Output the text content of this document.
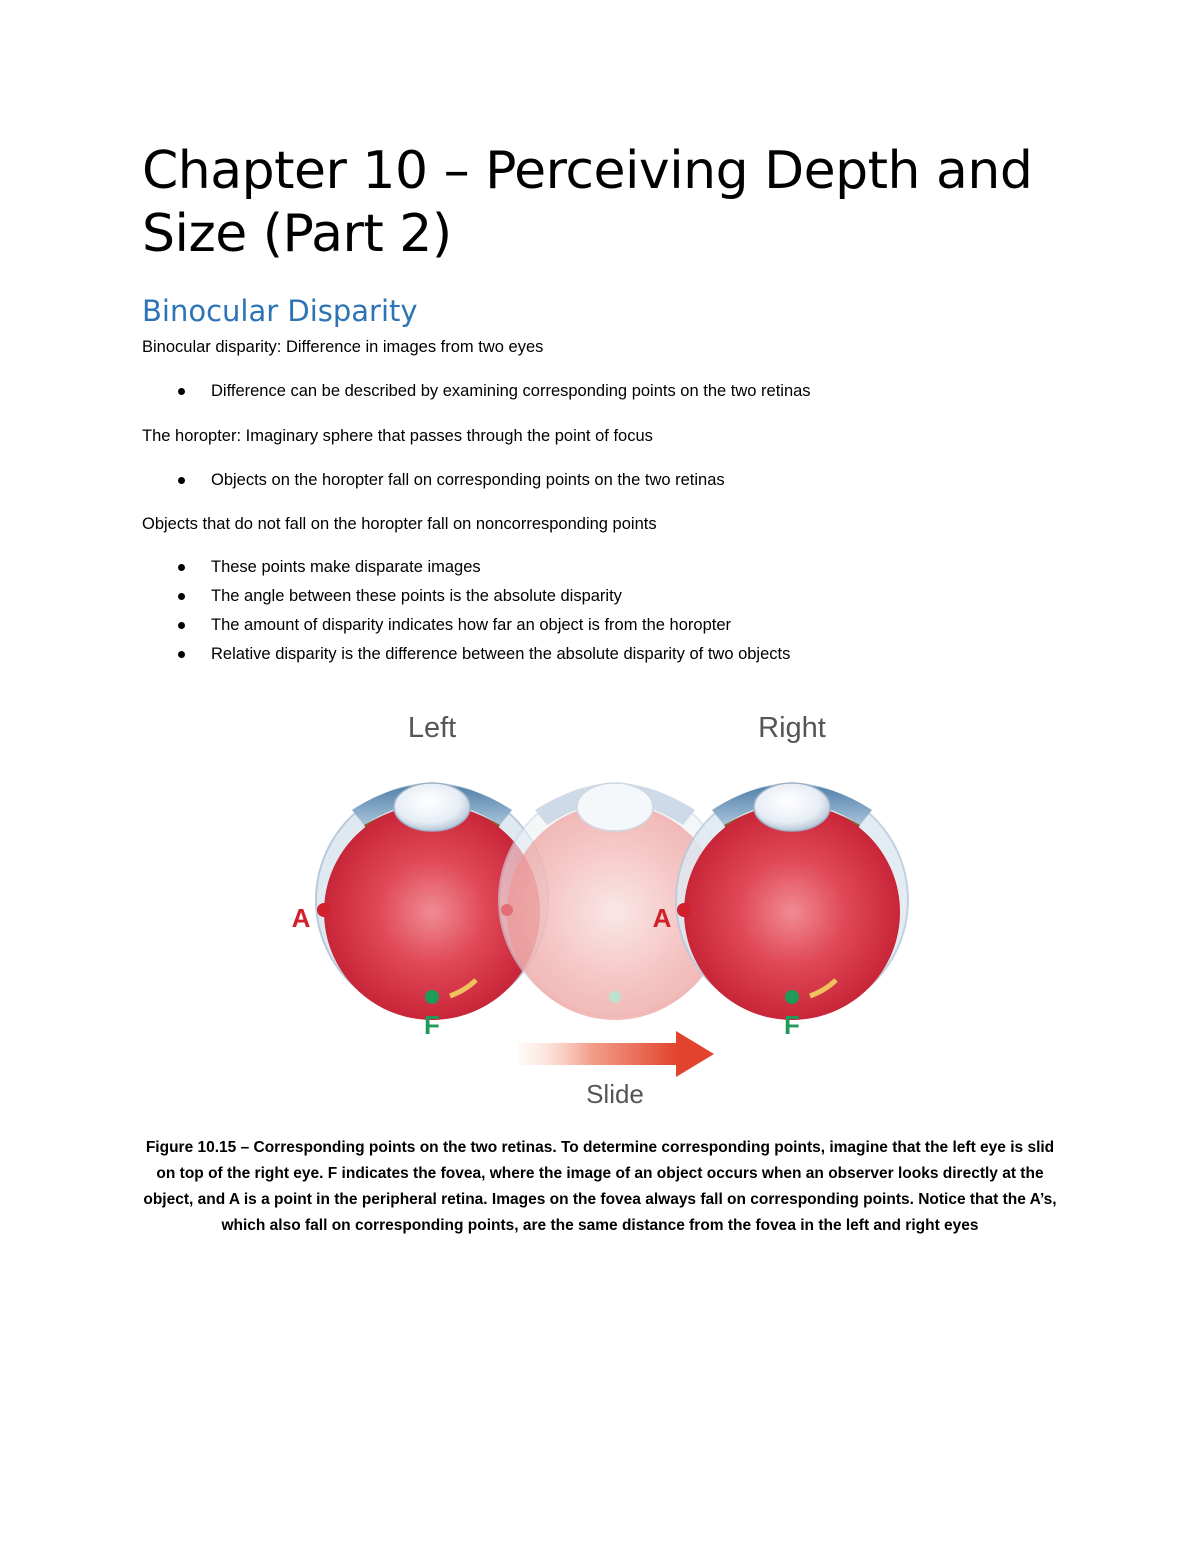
Chapter 10 – Perceiving Depth and Size (Part 2)
Binocular Disparity

Binocular disparity: Difference in images from two eyes

Difference can be described by examining corresponding points on the two retinas

The horopter: Imaginary sphere that passes through the point of focus

Objects on the horopter fall on corresponding points on the two retinas

Objects that do not fall on the horopter fall on noncorresponding points

These points make disparate images
The angle between these points is the absolute disparity
The amount of disparity indicates how far an object is from the horopter
Relative disparity is the difference between the absolute disparity of two objects
Left	Right
A	A
F	F
Slide

Figure 10.15 – Corresponding points on the two retinas. To determine corresponding points, imagine that the left eye is slid on top of the right eye. F indicates the fovea, where the image of an object occurs when an observer looks directly at the object, and A is a point in the peripheral retina. Images on the fovea always fall on corresponding points. Notice that the A’s, which also fall on corresponding points, are the same distance from the fovea in the left and right eyes
